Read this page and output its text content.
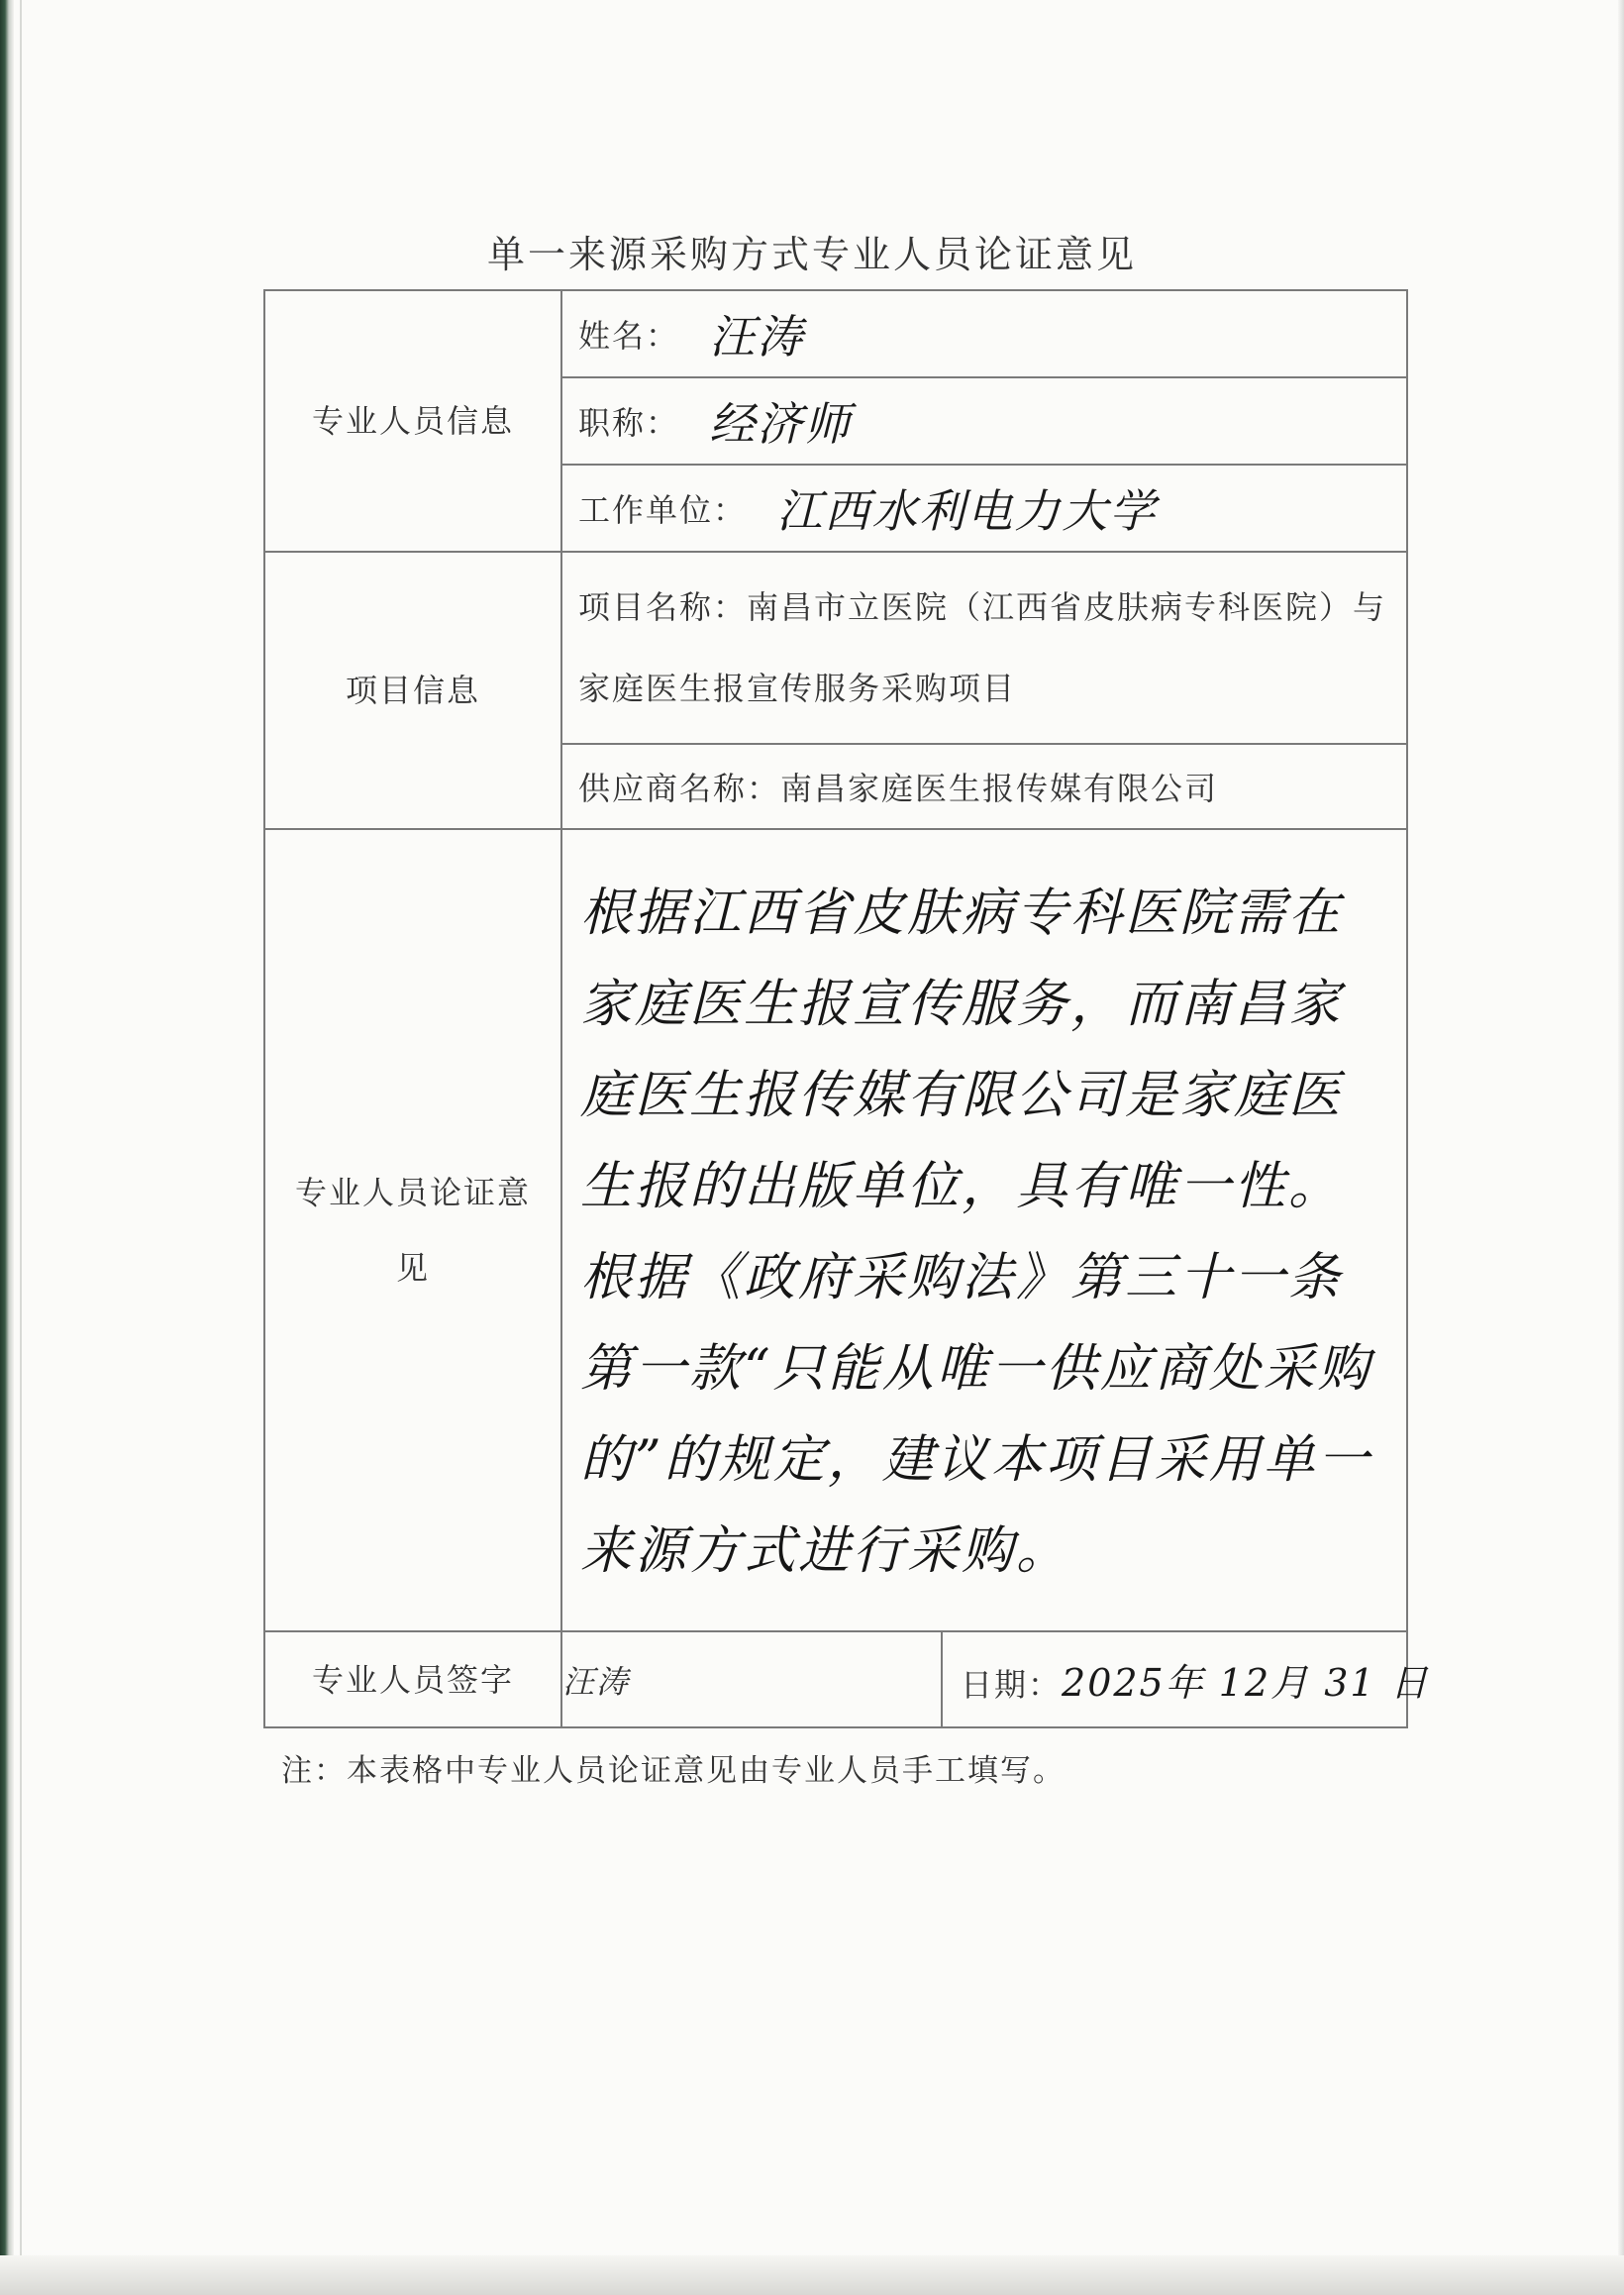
单一来源采购方式专业人员论证意见
专业人员信息	姓名： 汪涛	
	职称： 经济师	
	工作单位： 江西水利电力大学	
项目信息	项目名称：南昌市立医院（江西省皮肤病专科医院）与家庭医生报宣传服务采购项目	
	供应商名称：南昌家庭医生报传媒有限公司	
专业人员论证意见	根据江西省皮肤病专科医院需在家庭医生报宣传服务，而南昌家庭医生报传媒有限公司是家庭医生报的出版单位，具有唯一性。根据《政府采购法》第三十一条第一款“只能从唯一供应商处采购的”的规定，建议本项目采用单一来源方式进行采购。	

专业人员签字	汪涛	日期：2025年 12月 31 日
注：本表格中专业人员论证意见由专业人员手工填写。
